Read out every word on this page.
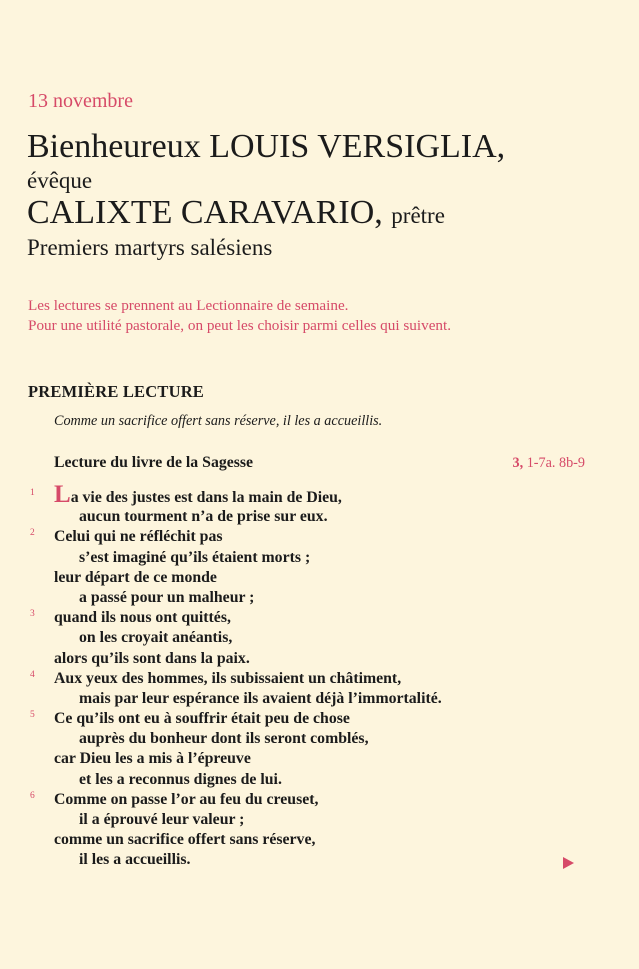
13 novembre
Bienheureux LOUIS VERSIGLIA,
évêque
CALIXTE CARAVARIO, prêtre
Premiers martyrs salésiens
Les lectures se prennent au Lectionnaire de semaine.
Pour une utilité pastorale, on peut les choisir parmi celles qui suivent.
PREMIÈRE LECTURE
Comme un sacrifice offert sans réserve, il les a accueillis.
Lecture du livre de la Sagesse	3, 1-7a. 8b-9
1 La vie des justes est dans la main de Dieu,
aucun tourment n’a de prise sur eux.
2 Celui qui ne réfléchit pas
s’est imaginé qu’ils étaient morts ;
leur départ de ce monde
a passé pour un malheur ;
3 quand ils nous ont quittés,
on les croyait anéantis,
alors qu’ils sont dans la paix.
4 Aux yeux des hommes, ils subissaient un châtiment,
mais par leur espérance ils avaient déjà l’immortalité.
5 Ce qu’ils ont eu à souffrir était peu de chose
auprès du bonheur dont ils seront comblés,
car Dieu les a mis à l’épreuve
et les a reconnus dignes de lui.
6 Comme on passe l’or au feu du creuset,
il a éprouvé leur valeur ;
comme un sacrifice offert sans réserve,
il les a accueillis.
